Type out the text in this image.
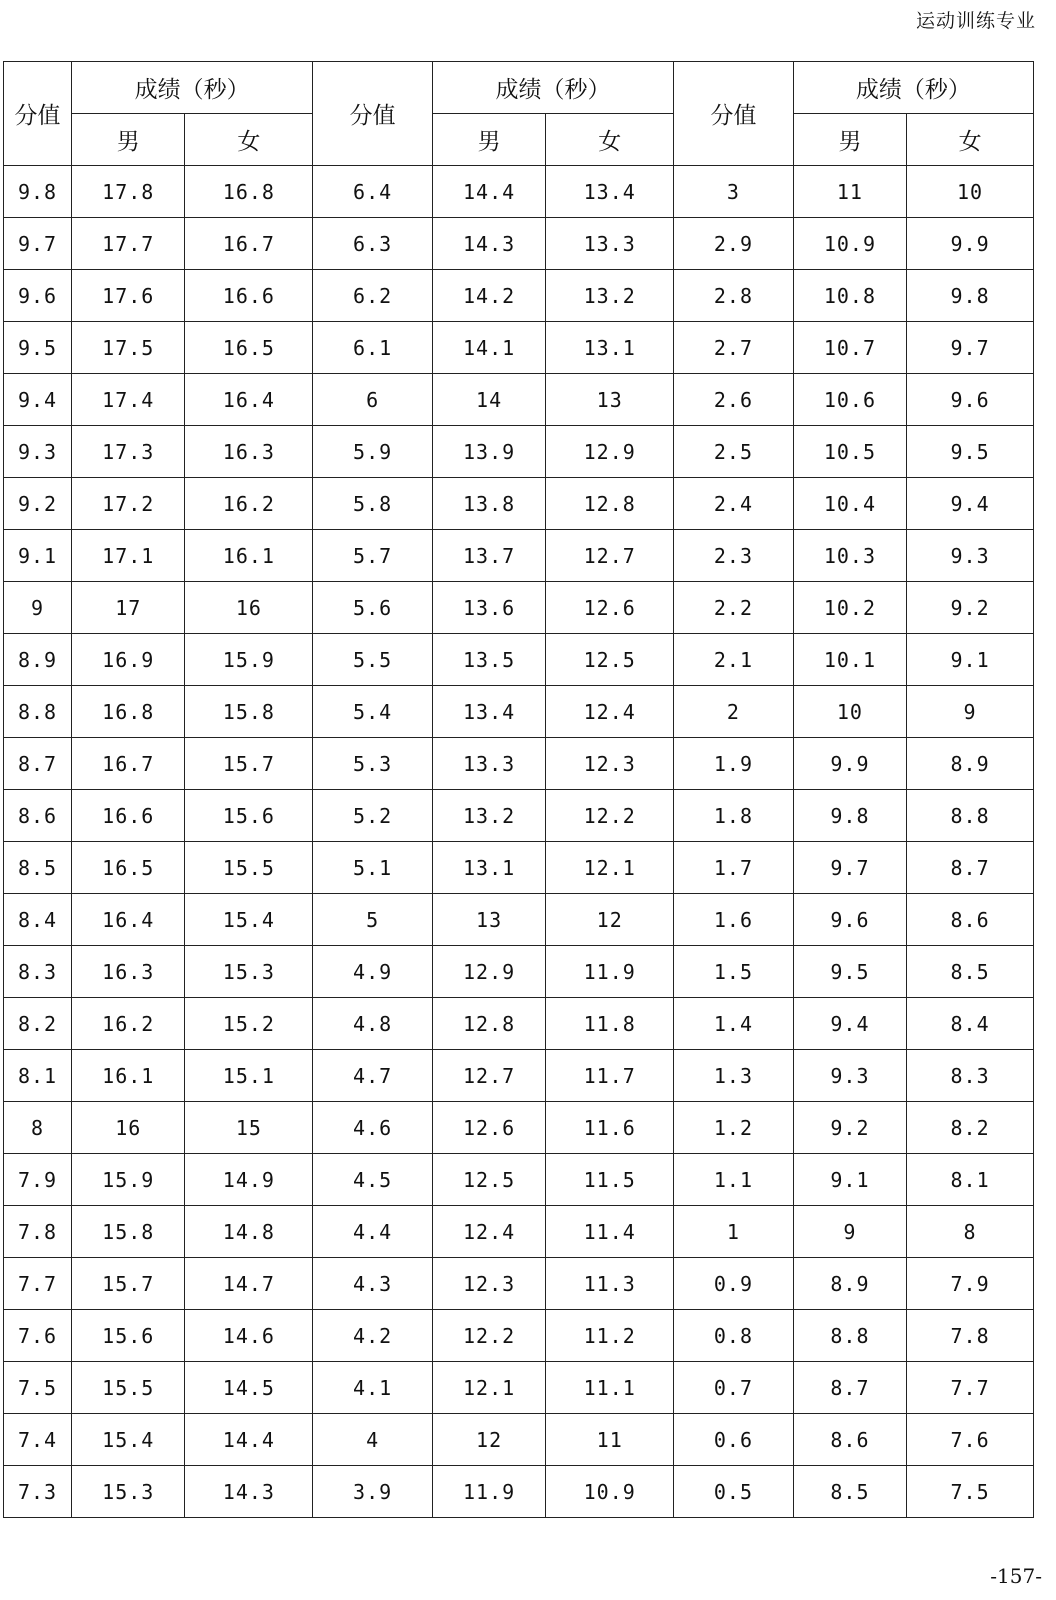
运动训练专业
分值	成绩（秒）		分值	成绩（秒）		分值	成绩（秒）	
	男	女		男	女		男	女
9.8	17.8	16.8	6.4	14.4	13.4	3	11	10
9.7	17.7	16.7	6.3	14.3	13.3	2.9	10.9	9.9
9.6	17.6	16.6	6.2	14.2	13.2	2.8	10.8	9.8
9.5	17.5	16.5	6.1	14.1	13.1	2.7	10.7	9.7
9.4	17.4	16.4	6	14	13	2.6	10.6	9.6
9.3	17.3	16.3	5.9	13.9	12.9	2.5	10.5	9.5
9.2	17.2	16.2	5.8	13.8	12.8	2.4	10.4	9.4
9.1	17.1	16.1	5.7	13.7	12.7	2.3	10.3	9.3
9	17	16	5.6	13.6	12.6	2.2	10.2	9.2
8.9	16.9	15.9	5.5	13.5	12.5	2.1	10.1	9.1
8.8	16.8	15.8	5.4	13.4	12.4	2	10	9
8.7	16.7	15.7	5.3	13.3	12.3	1.9	9.9	8.9
8.6	16.6	15.6	5.2	13.2	12.2	1.8	9.8	8.8
8.5	16.5	15.5	5.1	13.1	12.1	1.7	9.7	8.7
8.4	16.4	15.4	5	13	12	1.6	9.6	8.6
8.3	16.3	15.3	4.9	12.9	11.9	1.5	9.5	8.5
8.2	16.2	15.2	4.8	12.8	11.8	1.4	9.4	8.4
8.1	16.1	15.1	4.7	12.7	11.7	1.3	9.3	8.3
8	16	15	4.6	12.6	11.6	1.2	9.2	8.2
7.9	15.9	14.9	4.5	12.5	11.5	1.1	9.1	8.1
7.8	15.8	14.8	4.4	12.4	11.4	1	9	8
7.7	15.7	14.7	4.3	12.3	11.3	0.9	8.9	7.9
7.6	15.6	14.6	4.2	12.2	11.2	0.8	8.8	7.8
7.5	15.5	14.5	4.1	12.1	11.1	0.7	8.7	7.7
7.4	15.4	14.4	4	12	11	0.6	8.6	7.6
7.3	15.3	14.3	3.9	11.9	10.9	0.5	8.5	7.5
-157-
